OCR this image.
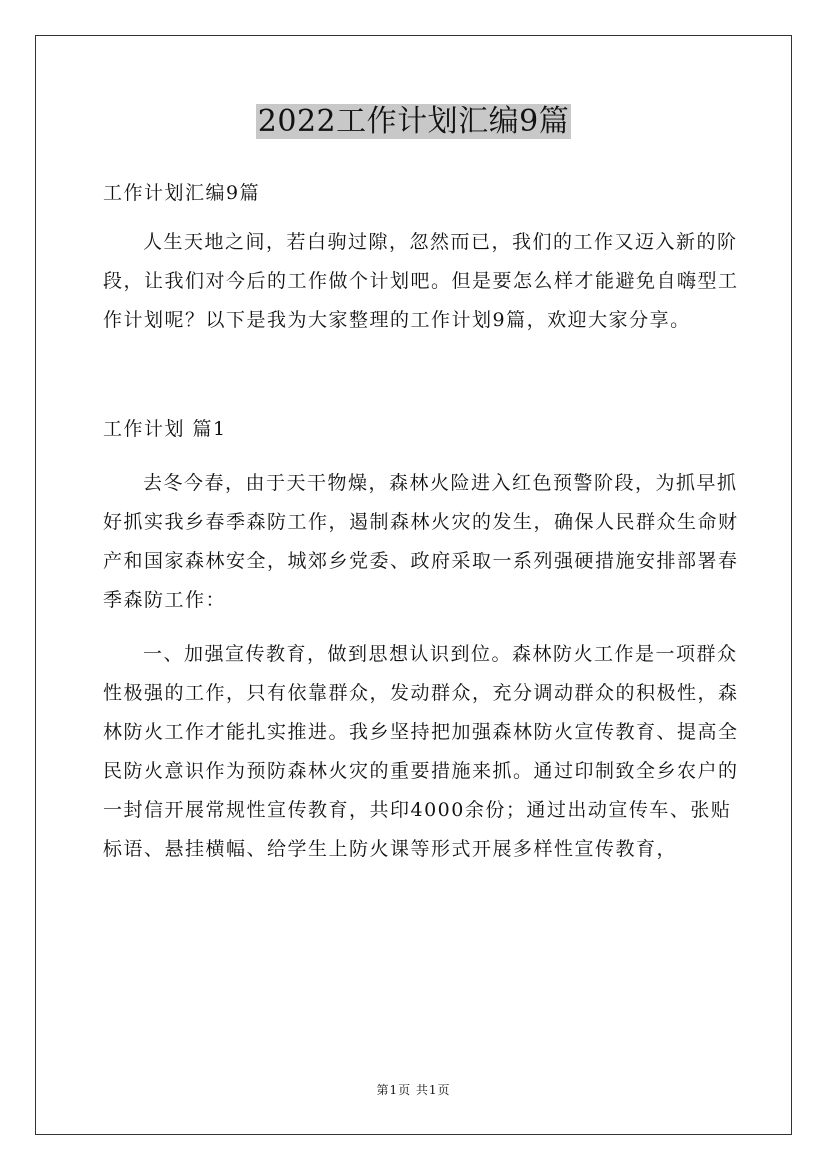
2022工作计划汇编9篇

工作计划汇编9篇

人生天地之间，若白驹过隙，忽然而已，我们的工作又迈入新的阶段，让我们对今后的工作做个计划吧。但是要怎么样才能避免自嗨型工作计划呢？以下是我为大家整理的工作计划9篇，欢迎大家分享。

工作计划 篇1

去冬今春，由于天干物燥，森林火险进入红色预警阶段，为抓早抓好抓实我乡春季森防工作，遏制森林火灾的发生，确保人民群众生命财产和国家森林安全，城郊乡党委、政府采取一系列强硬措施安排部署春季森防工作：

一、加强宣传教育，做到思想认识到位。森林防火工作是一项群众性极强的工作，只有依靠群众，发动群众，充分调动群众的积极性，森林防火工作才能扎实推进。我乡坚持把加强森林防火宣传教育、提高全民防火意识作为预防森林火灾的重要措施来抓。通过印制致全乡农户的一封信开展常规性宣传教育，共印4000余份；通过出动宣传车、张贴标语、悬挂横幅、给学生上防火课等形式开展多样性宣传教育，

第1页 共1页
